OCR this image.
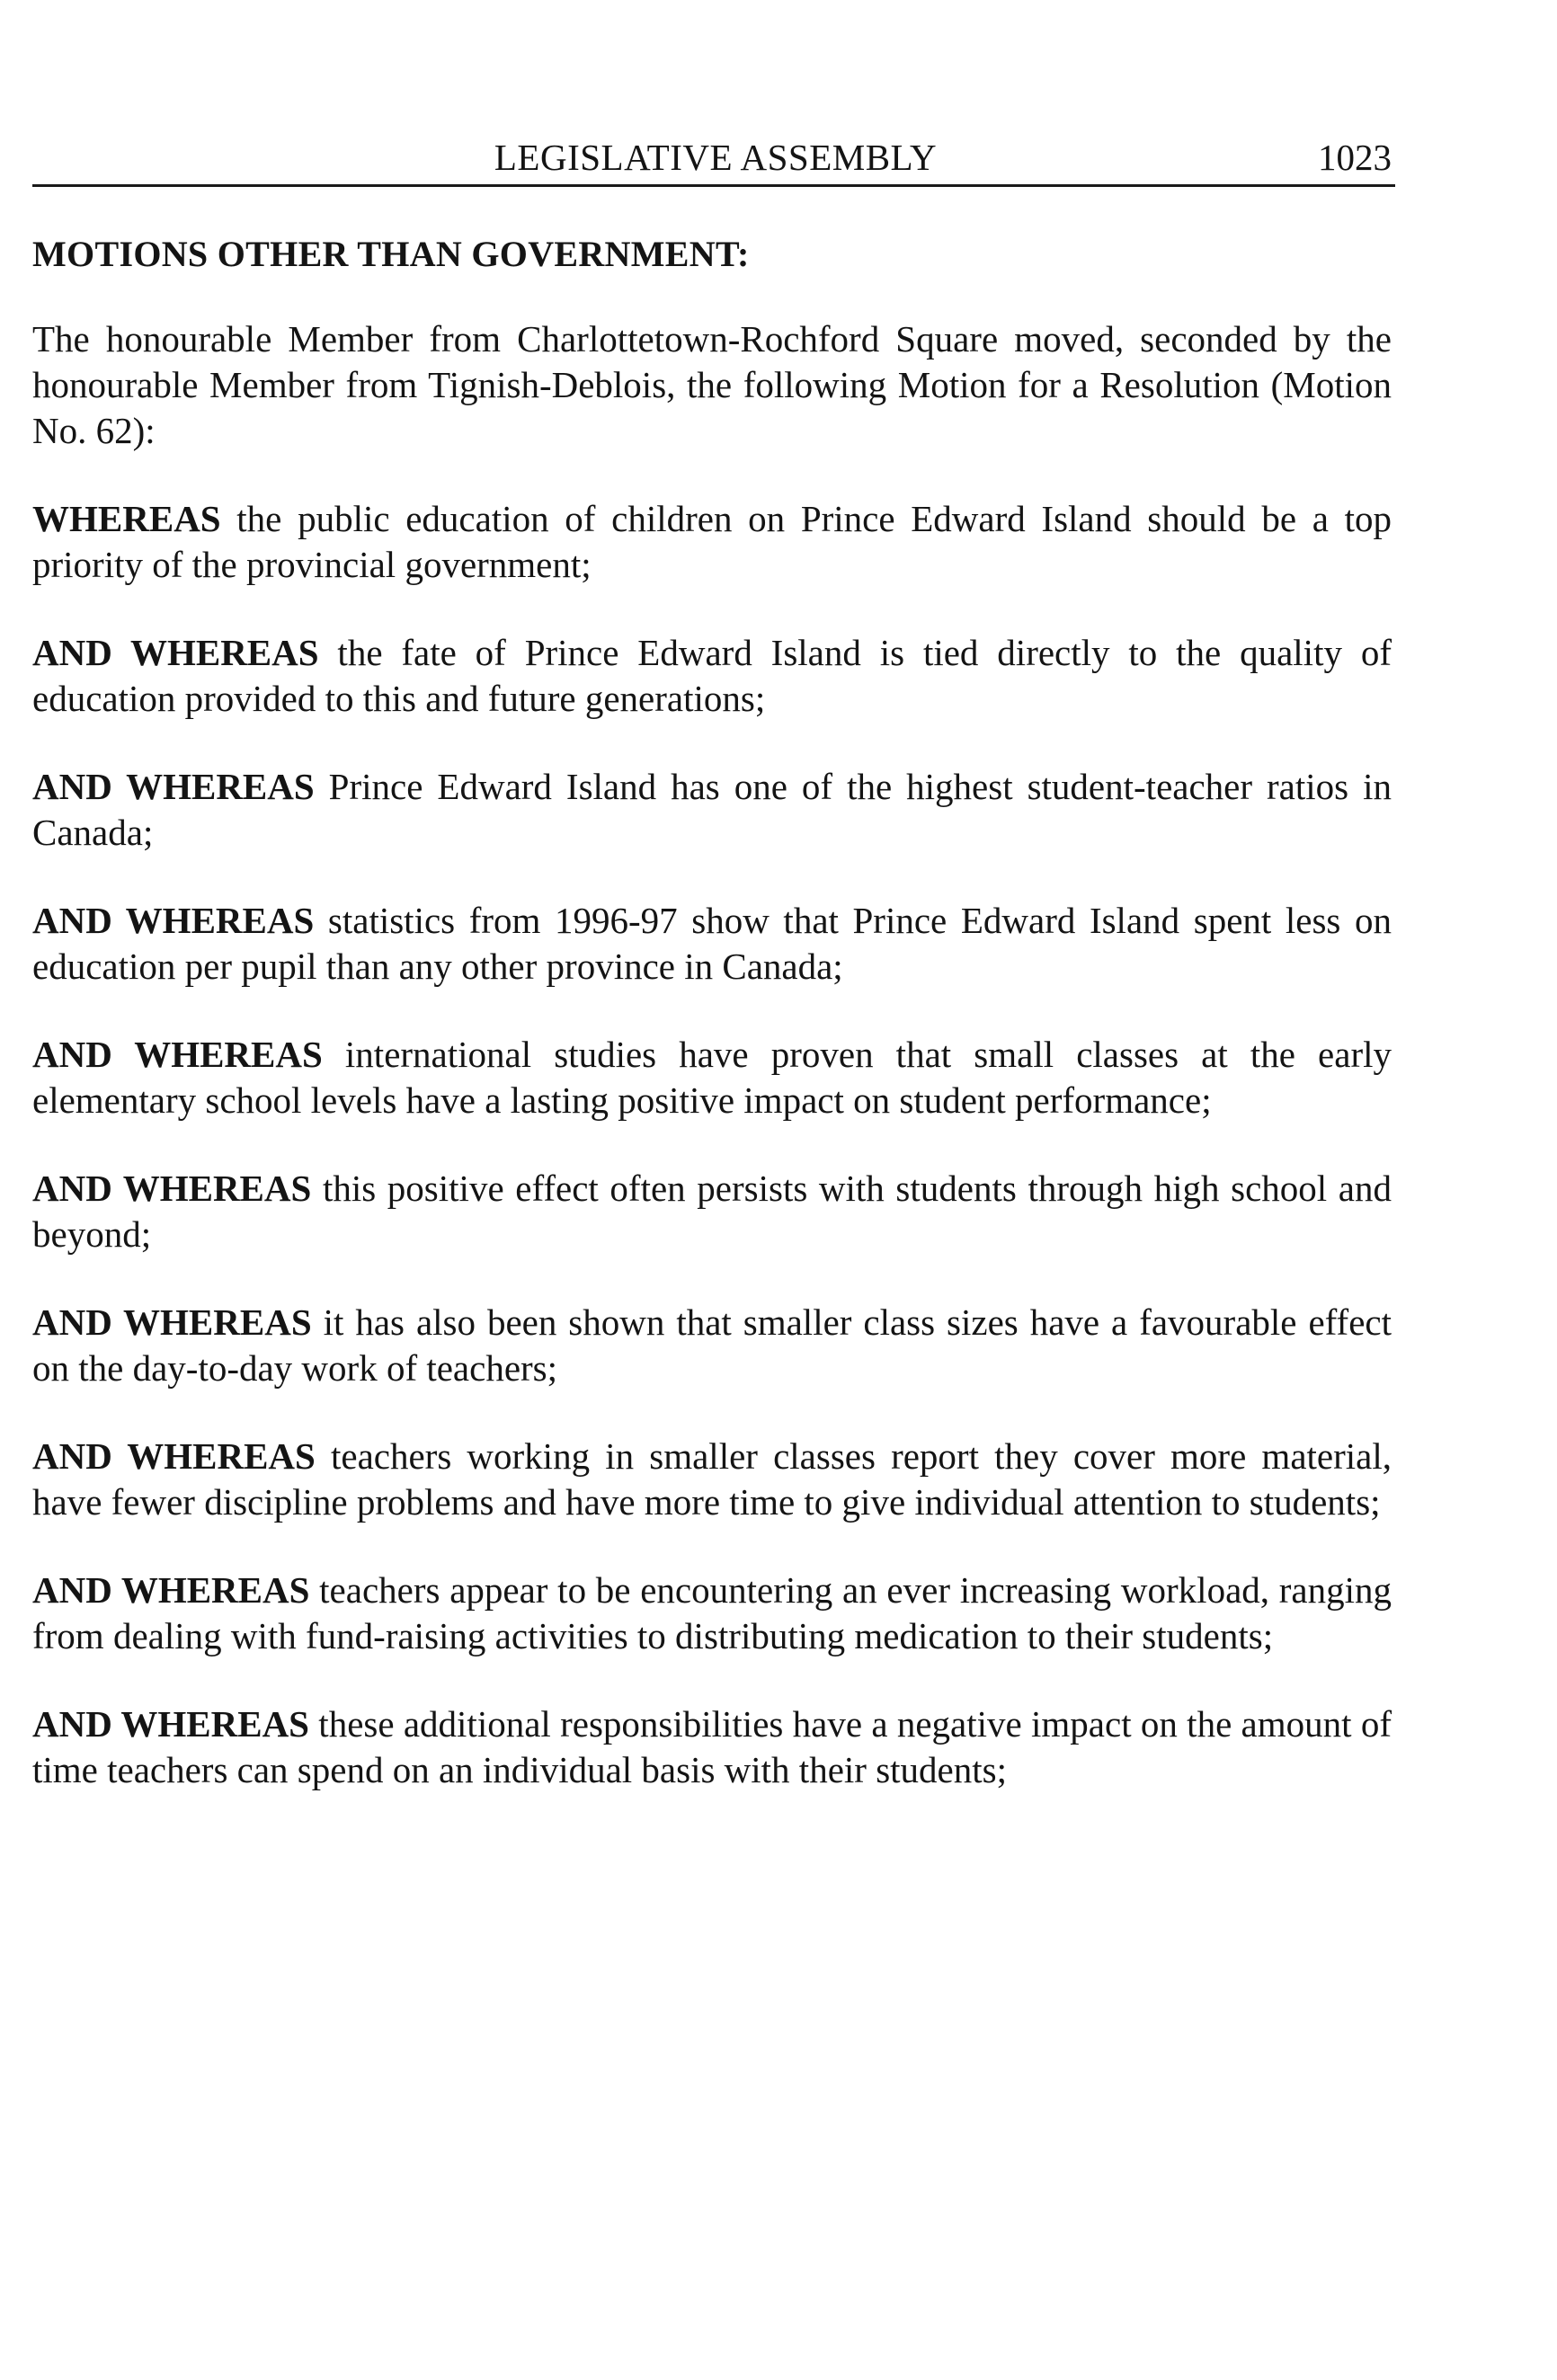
LEGISLATIVE ASSEMBLY	1023
MOTIONS OTHER THAN GOVERNMENT:

The honourable Member from Charlottetown-Rochford Square moved, seconded by the honourable Member from Tignish-Deblois, the following Motion for a Resolution (Motion No. 62):

WHEREAS the public education of children on Prince Edward Island should be a top priority of the provincial government;

AND WHEREAS the fate of Prince Edward Island is tied directly to the quality of education provided to this and future generations;

AND WHEREAS Prince Edward Island has one of the highest student-teacher ratios in Canada;

AND WHEREAS statistics from 1996-97 show that Prince Edward Island spent less on education per pupil than any other province in Canada;

AND WHEREAS international studies have proven that small classes at the early elementary school levels have a lasting positive impact on student performance;

AND WHEREAS this positive effect often persists with students through high school and beyond;

AND WHEREAS it has also been shown that smaller class sizes have a favourable effect on the day-to-day work of teachers;

AND WHEREAS teachers working in smaller classes report they cover more material, have fewer discipline problems and have more time to give individual attention to students;

AND WHEREAS teachers appear to be encountering an ever increasing workload, ranging from dealing with fund-raising activities to distributing medication to their students;

AND WHEREAS these additional responsibilities have a negative impact on the amount of time teachers can spend on an individual basis with their students;
